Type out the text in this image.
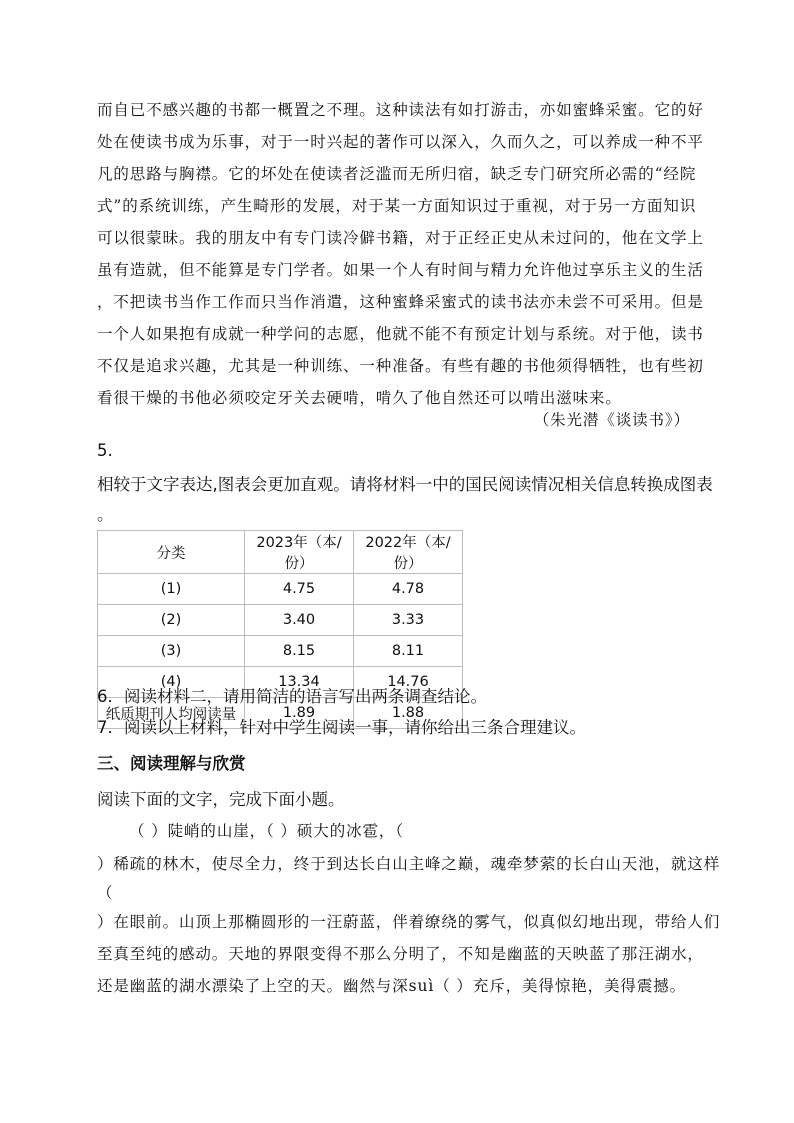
而自已不感兴趣的书都一概置之不理。这种读法有如打游击，亦如蜜蜂采蜜。它的好
处在使读书成为乐事，对于一时兴起的著作可以深入，久而久之，可以养成一种不平
凡的思路与胸襟。它的坏处在使读者泛滥而无所归宿，缺乏专门研究所必需的“经院
式”的系统训练，产生畸形的发展，对于某一方面知识过于重视，对于另一方面知识
可以很蒙昧。我的朋友中有专门读冷僻书籍，对于正经正史从未过问的，他在文学上
虽有造就，但不能算是专门学者。如果一个人有时间与精力允许他过享乐主义的生活
，不把读书当作工作而只当作消遣，这种蜜蜂采蜜式的读书法亦未尝不可采用。但是
一个人如果抱有成就一种学问的志愿，他就不能不有预定计划与系统。对于他，读书
不仅是追求兴趣，尤其是一种训练、一种准备。有些有趣的书他须得牺牲，也有些初
看很干燥的书他必须咬定牙关去硬啃，啃久了他自然还可以啃出滋味来。
（朱光潜《谈读书》）
5.
相较于文字表达,图表会更加直观。请将材料一中的国民阅读情况相关信息转换成图表
。
分类	2023年（本/份）	2022年（本/份）
(1)	4.75	4.78
(2)	3.40	3.33
(3)	8.15	8.11
(4)	13.34	14.76
纸质期刊人均阅读量	1.89	1.88
6．阅读材料二，请用简洁的语言写出两条调查结论。
7．阅读以上材料，针对中学生阅读一事，请你给出三条合理建议。
三、阅读理解与欣赏
阅读下面的文字，完成下面小题。
（ ）陡峭的山崖，（ ）硕大的冰雹，（
）稀疏的林木，使尽全力，终于到达长白山主峰之巅，魂牵梦萦的长白山天池，就这样
（
）在眼前。山顶上那椭圆形的一汪蔚蓝，伴着缭绕的雾气，似真似幻地出现，带给人们
至真至纯的感动。天地的界限变得不那么分明了，不知是幽蓝的天映蓝了那汪湖水，
还是幽蓝的湖水漂染了上空的天。幽然与深suì（ ）充斥，美得惊艳，美得震撼。
